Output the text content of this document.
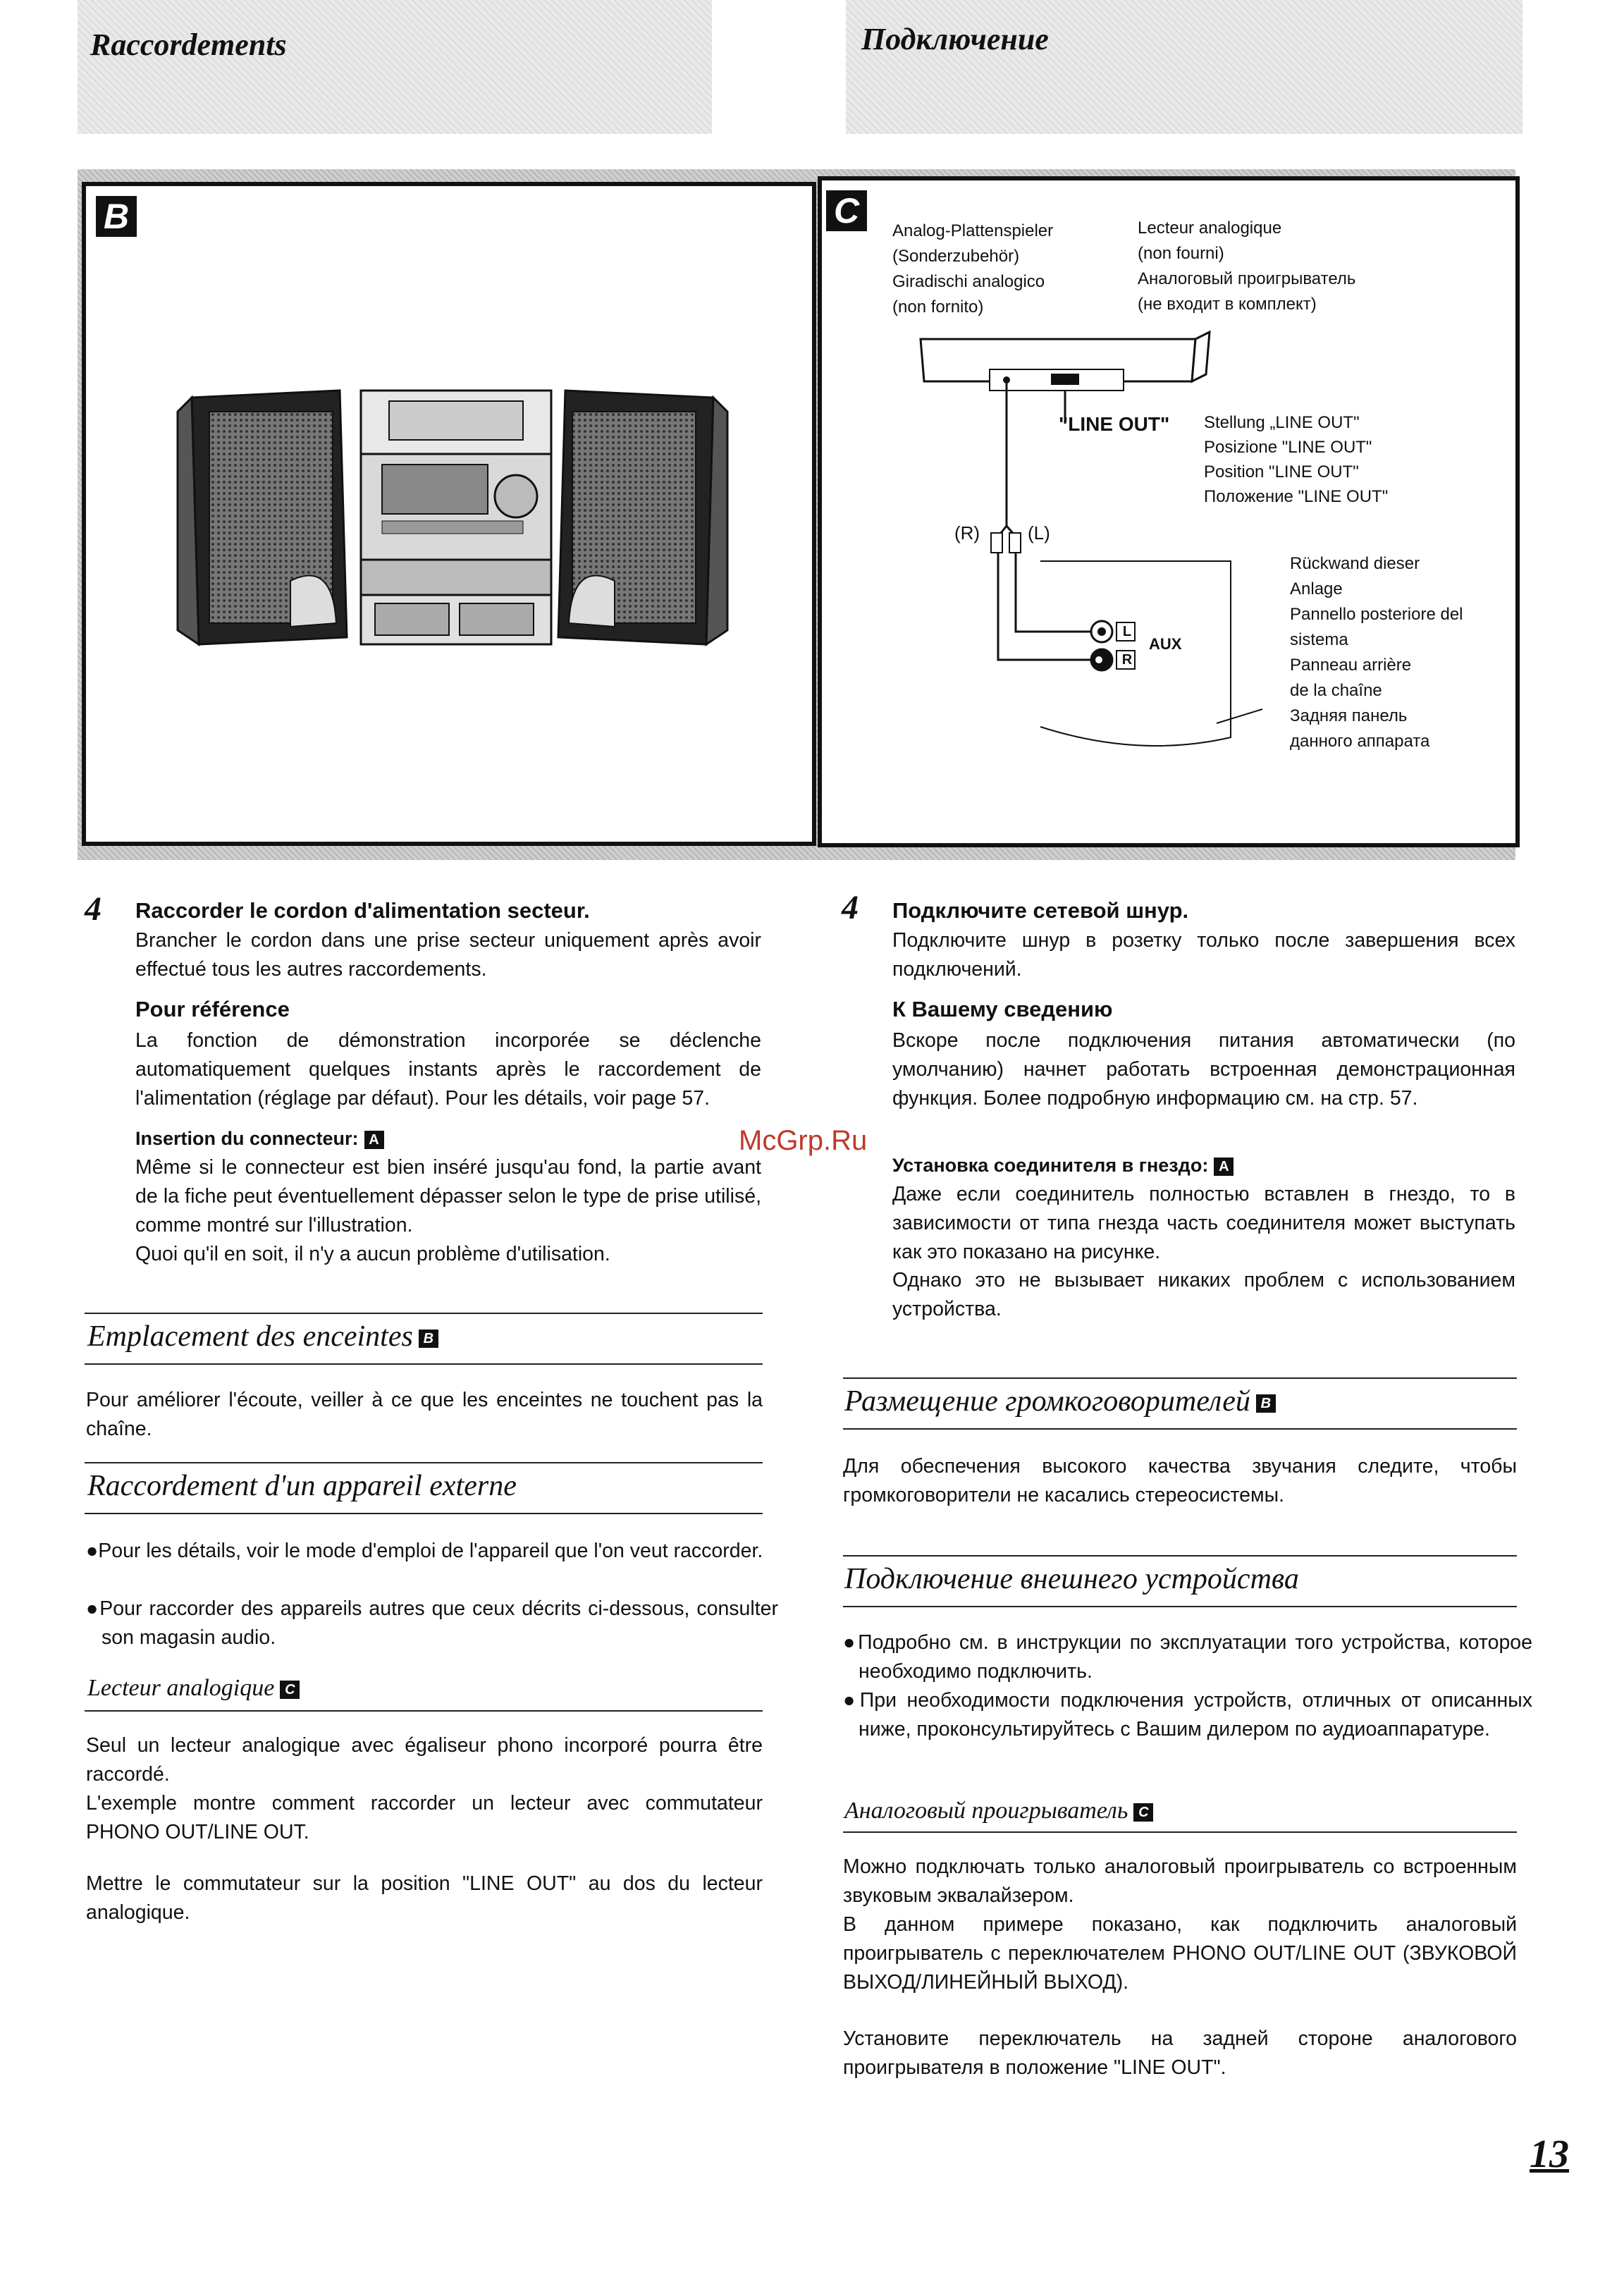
Raccordements	Подключение
B	C
Analog-Plattenspieler
(Sonderzubehör)
Giradischi analogico
(non fornito)
Lecteur analogique
(non fourni)
Аналоговый проигрыватель
(не входит в комплект)
L
R
"LINE OUT" Stellung „LINE OUT"
Posizione "LINE OUT"
Position "LINE OUT"
Положение "LINE OUT"
(R)	(L)
AUX
Rückwand dieser
Anlage
Pannello posteriore del
sistema
Panneau arrière
de la chaîne
Задняя панель
данного аппарата
4 Raccorder le cordon d'alimentation secteur.
Brancher le cordon dans une prise secteur uniquement après avoir effectué tous les autres raccordements.
Pour référence
La fonction de démonstration incorporée se déclenche automatiquement quelques instants après le raccordement de l'alimentation (réglage par défaut). Pour les détails, voir page 57.
Insertion du connecteur: A
Même si le connecteur est bien inséré jusqu'au fond, la partie avant de la fiche peut éventuellement dépasser selon le type de prise utilisé, comme montré sur l'illustration.
Quoi qu'il en soit, il n'y a aucun problème d'utilisation.
Emplacement des enceintes B
Pour améliorer l'écoute, veiller à ce que les enceintes ne touchent pas la chaîne.
Raccordement d'un appareil externe
●Pour les détails, voir le mode d'emploi de l'appareil que l'on veut raccorder.
●Pour raccorder des appareils autres que ceux décrits ci-dessous, consulter son magasin audio.
Lecteur analogique C
Seul un lecteur analogique avec égaliseur phono incorporé pourra être raccordé.
L'exemple montre comment raccorder un lecteur avec commutateur PHONO OUT/LINE OUT.
Mettre le commutateur sur la position "LINE OUT" au dos du lecteur analogique.
McGrp.Ru
4 Подключите сетевой шнур.
Подключите шнур в розетку только после завершения всех подключений.
К Вашему сведению
Вскоре после подключения питания автоматически (по умолчанию) начнет работать встроенная демонстрационная функция. Более подробную информацию см. на стр. 57.
Установка соединителя в гнездо: A
Даже если соединитель полностью вставлен в гнездо, то в зависимости от типа гнезда часть соединителя может выступать как это показано на рисунке.
Однако это не вызывает никаких проблем с использованием устройства.
Размещение громкоговорителей B
Для обеспечения высокого качества звучания следите, чтобы громкоговорители не касались стереосистемы.
Подключение внешнего устройства
●Подробно см. в инструкции по эксплуатации того устройства, которое необходимо подключить.
●При необходимости подключения устройств, отличных от описанных ниже, проконсультируйтесь с Вашим дилером по аудиоаппаратуре.
Аналоговый проигрыватель C
Можно подключать только аналоговый проигрыватель со встроенным звуковым эквалайзером.
В данном примере показано, как подключить аналоговый проигрыватель с переключателем PHONO OUT/LINE OUT (ЗВУКОВОЙ ВЫХОД/ЛИНЕЙНЫЙ ВЫХОД).
Установите переключатель на задней стороне аналогового проигрывателя в положение "LINE OUT".
13
